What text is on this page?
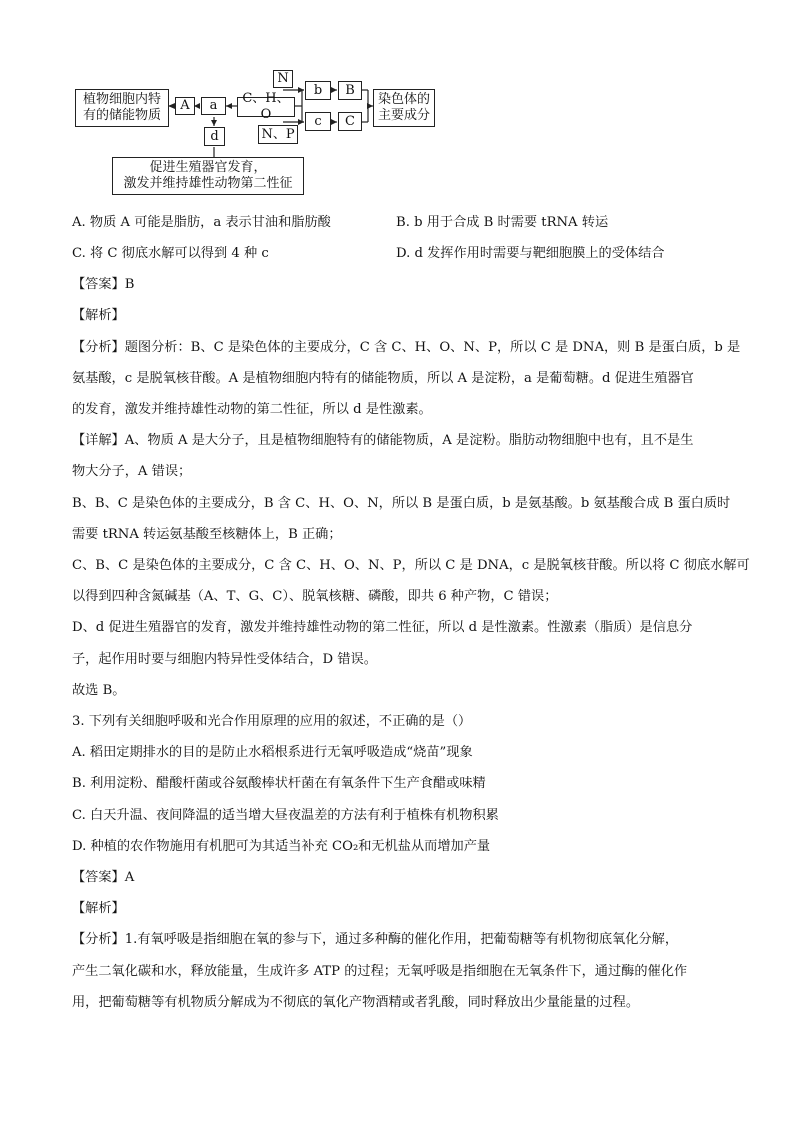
植物细胞内特
有的储能物质
A	a	C、H、O
N
b	B
N、P
c	C
染色体的
主要成分
d
促进生殖器官发育，
激发并维持雄性动物第二性征
A. 物质 A 可能是脂肪，a 表示甘油和脂肪酸	B. b 用于合成 B 时需要 tRNA 转运
C. 将 C 彻底水解可以得到 4 种 c	D. d 发挥作用时需要与靶细胞膜上的受体结合
【答案】B
【解析】
【分析】题图分析：B、C 是染色体的主要成分，C 含 C、H、O、N、P，所以 C 是 DNA，则 B 是蛋白质，b 是
氨基酸，c 是脱氧核苷酸。A 是植物细胞内特有的储能物质，所以 A 是淀粉，a 是葡萄糖。d 促进生殖器官
的发育，激发并维持雄性动物的第二性征，所以 d 是性激素。
【详解】A、物质 A 是大分子，且是植物细胞特有的储能物质，A 是淀粉。脂肪动物细胞中也有，且不是生
物大分子，A 错误；
B、B、C 是染色体的主要成分，B 含 C、H、O、N，所以 B 是蛋白质，b 是氨基酸。b 氨基酸合成 B 蛋白质时
需要 tRNA 转运氨基酸至核糖体上，B 正确；
C、B、C 是染色体的主要成分，C 含 C、H、O、N、P，所以 C 是 DNA，c 是脱氧核苷酸。所以将 C 彻底水解可
以得到四种含氮碱基（A、T、G、C）、脱氧核糖、磷酸，即共 6 种产物，C 错误；
D、d 促进生殖器官的发育，激发并维持雄性动物的第二性征，所以 d 是性激素。性激素（脂质）是信息分
子，起作用时要与细胞内特异性受体结合，D 错误。
故选 B。
3. 下列有关细胞呼吸和光合作用原理的应用的叙述，不正确的是（）
A. 稻田定期排水的目的是防止水稻根系进行无氧呼吸造成“烧苗”现象
B. 利用淀粉、醋酸杆菌或谷氨酸棒状杆菌在有氧条件下生产食醋或味精
C. 白天升温、夜间降温的适当增大昼夜温差的方法有利于植株有机物积累
D. 种植的农作物施用有机肥可为其适当补充 CO₂和无机盐从而增加产量
【答案】A
【解析】
【分析】1.有氧呼吸是指细胞在氧的参与下，通过多种酶的催化作用，把葡萄糖等有机物彻底氧化分解，
产生二氧化碳和水，释放能量，生成许多 ATP 的过程；无氧呼吸是指细胞在无氧条件下，通过酶的催化作
用，把葡萄糖等有机物质分解成为不彻底的氧化产物酒精或者乳酸，同时释放出少量能量的过程。
